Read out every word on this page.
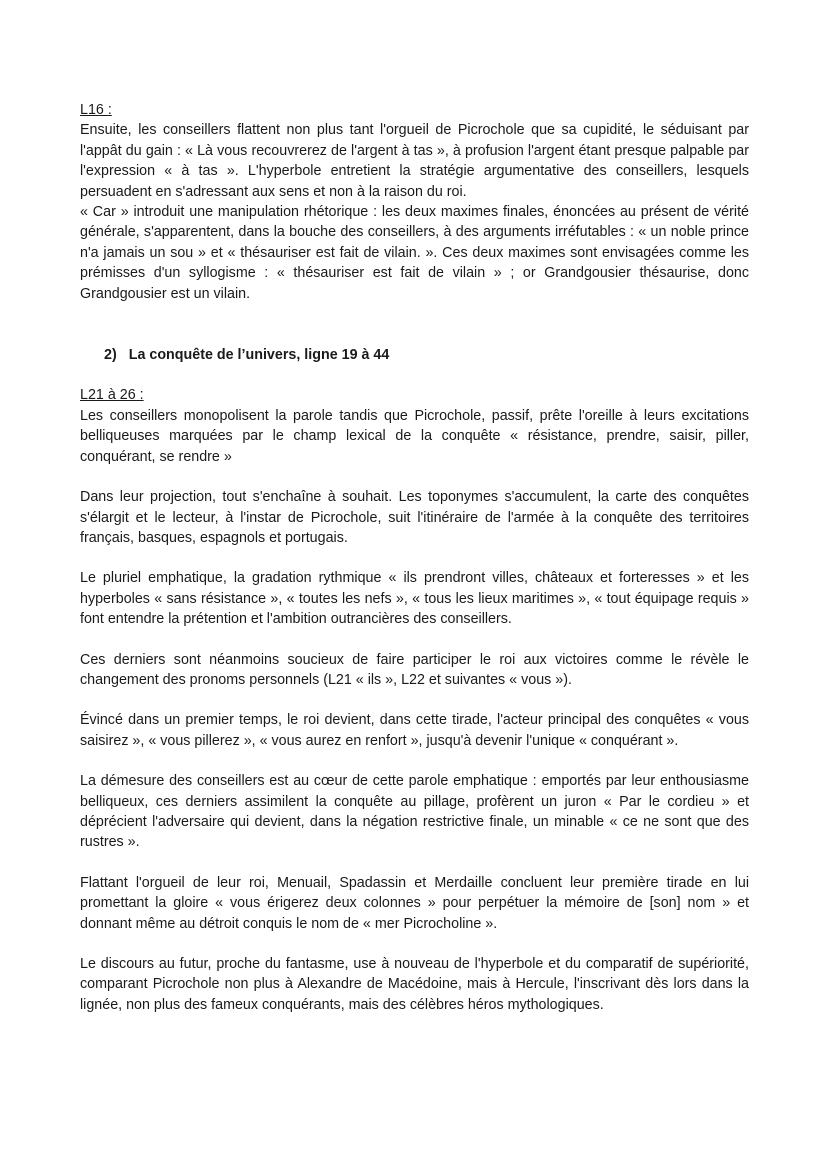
L16 :

Ensuite, les conseillers flattent non plus tant l'orgueil de Picrochole que sa cupidité, le séduisant par l'appât du gain : « Là vous recouvrerez de l'argent à tas », à profusion l'argent étant presque palpable par l'expression « à tas ». L'hyperbole entretient la stratégie argumentative des conseillers, lesquels persuadent en s'adressant aux sens et non à la raison du roi.

« Car » introduit une manipulation rhétorique : les deux maximes finales, énoncées au présent de vérité générale, s'apparentent, dans la bouche des conseillers, à des arguments irréfutables : « un noble prince n'a jamais un sou » et « thésauriser est fait de vilain. ». Ces deux maximes sont envisagées comme les prémisses d'un syllogisme : « thésauriser est fait de vilain » ; or Grandgousier thésaurise, donc Grandgousier est un vilain.

2) La conquête de l’univers, ligne 19 à 44
L21 à 26 :

Les conseillers monopolisent la parole tandis que Picrochole, passif, prête l'oreille à leurs excitations belliqueuses marquées par le champ lexical de la conquête « résistance, prendre, saisir, piller, conquérant, se rendre »

Dans leur projection, tout s'enchaîne à souhait. Les toponymes s'accumulent, la carte des conquêtes s'élargit et le lecteur, à l'instar de Picrochole, suit l'itinéraire de l'armée à la conquête des territoires français, basques, espagnols et portugais.

Le pluriel emphatique, la gradation rythmique « ils prendront villes, châteaux et forteresses » et les hyperboles « sans résistance », « toutes les nefs », « tous les lieux maritimes », « tout équipage requis » font entendre la prétention et l'ambition outrancières des conseillers.

Ces derniers sont néanmoins soucieux de faire participer le roi aux victoires comme le révèle le changement des pronoms personnels (L21 « ils », L22 et suivantes « vous »).

Évincé dans un premier temps, le roi devient, dans cette tirade, l'acteur principal des conquêtes « vous saisirez », « vous pillerez », « vous aurez en renfort », jusqu'à devenir l'unique « conquérant ».

La démesure des conseillers est au cœur de cette parole emphatique : emportés par leur enthousiasme belliqueux, ces derniers assimilent la conquête au pillage, profèrent un juron « Par le cordieu » et déprécient l'adversaire qui devient, dans la négation restrictive finale, un minable « ce ne sont que des rustres ».

Flattant l'orgueil de leur roi, Menuail, Spadassin et Merdaille concluent leur première tirade en lui promettant la gloire « vous érigerez deux colonnes » pour perpétuer la mémoire de [son] nom » et donnant même au détroit conquis le nom de « mer Picrocholine ».

Le discours au futur, proche du fantasme, use à nouveau de l'hyperbole et du comparatif de supériorité, comparant Picrochole non plus à Alexandre de Macédoine, mais à Hercule, l'inscrivant dès lors dans la lignée, non plus des fameux conquérants, mais des célèbres héros mythologiques.
